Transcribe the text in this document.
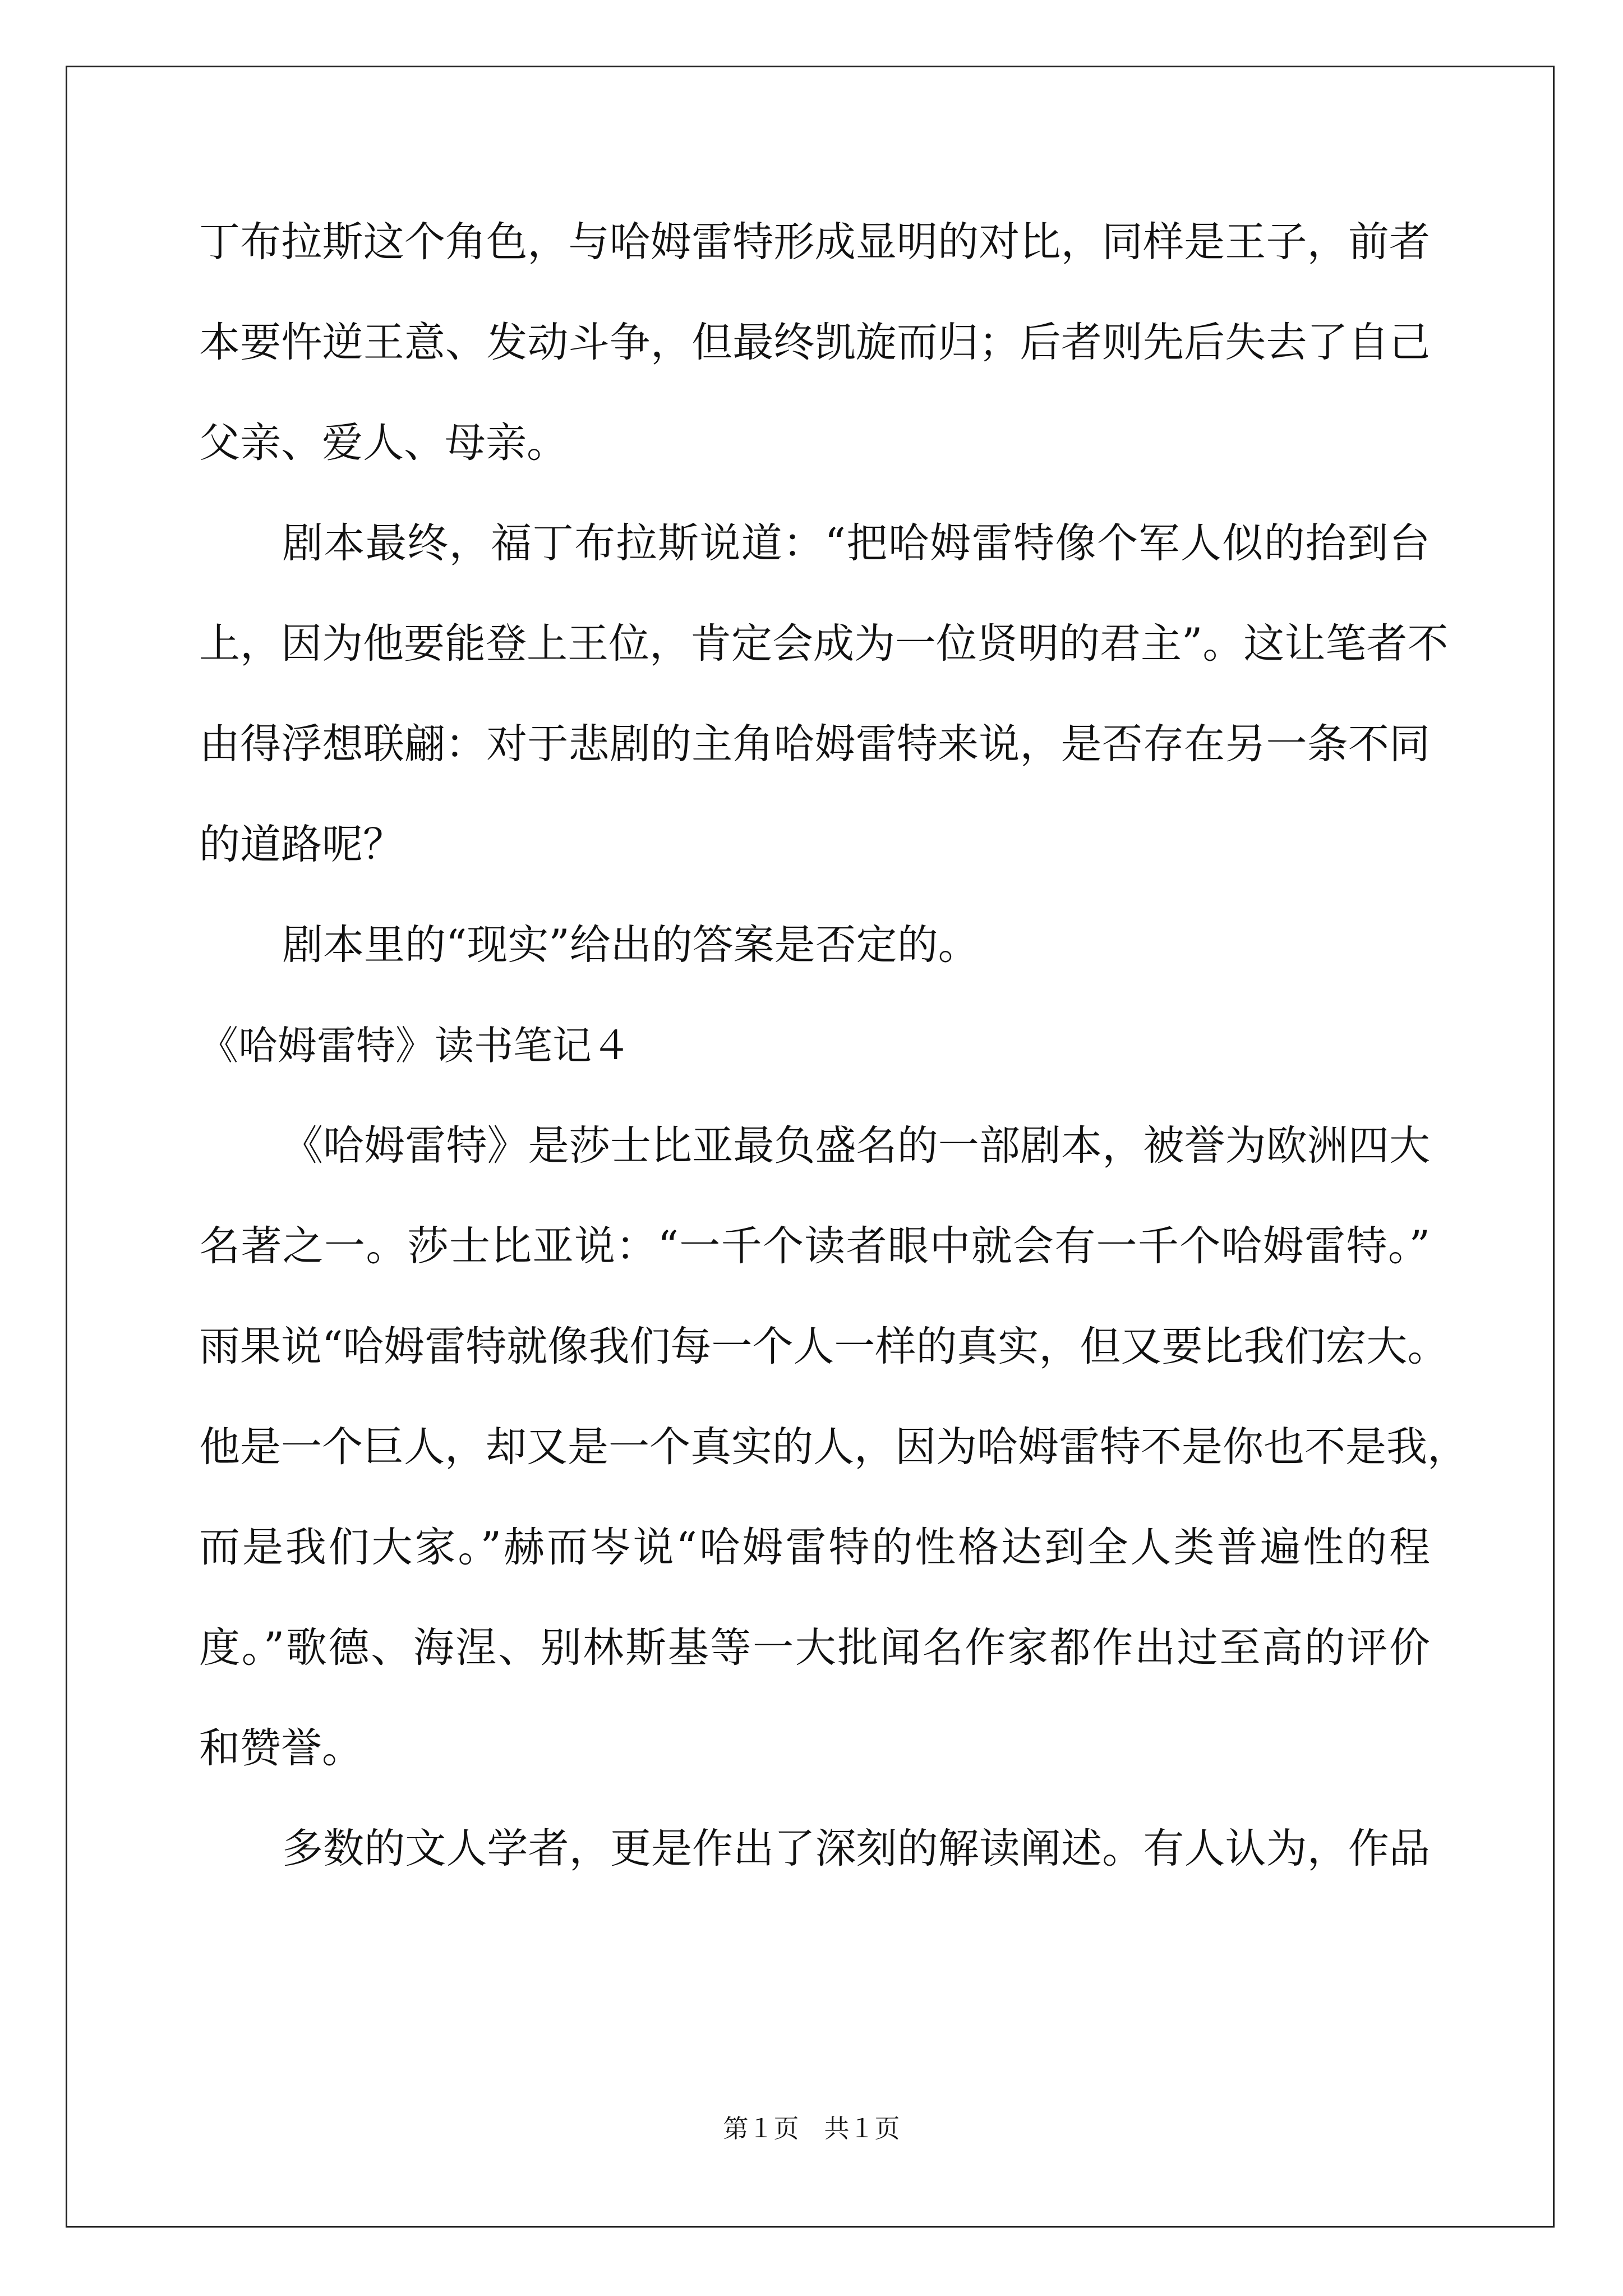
丁布拉斯这个角色，与哈姆雷特形成显明的对比，同样是王子，前者
本要忤逆王意、发动斗争，但最终凯旋而归；后者则先后失去了自己
父亲、爱人、母亲。
剧本最终，福丁布拉斯说道：“把哈姆雷特像个军人似的抬到台
上，因为他要能登上王位，肯定会成为一位贤明的君主”。这让笔者不
由得浮想联翩：对于悲剧的主角哈姆雷特来说，是否存在另一条不同
的道路呢？
剧本里的“现实”给出的答案是否定的。
《哈姆雷特》读书笔记４
《哈姆雷特》是莎士比亚最负盛名的一部剧本，被誉为欧洲四大
名著之一。莎士比亚说：“一千个读者眼中就会有一千个哈姆雷特。”
雨果说“哈姆雷特就像我们每一个人一样的真实，但又要比我们宏大。
他是一个巨人，却又是一个真实的人，因为哈姆雷特不是你也不是我，
而是我们大家。”赫而岑说“哈姆雷特的性格达到全人类普遍性的程
度。”歌德、海涅、别林斯基等一大批闻名作家都作出过至高的评价
和赞誉。
多数的文人学者，更是作出了深刻的解读阐述。有人认为，作品
第１页　共１页
